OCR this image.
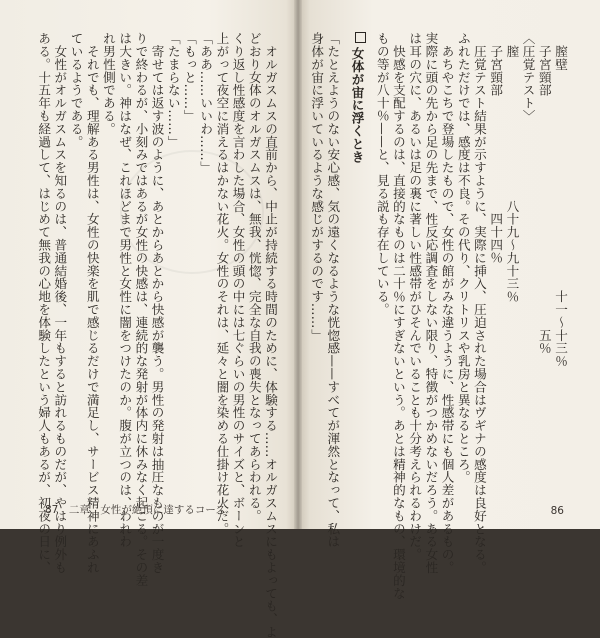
　オルガスムスの直前から、中止が持続する時間のために、体験する……オルガスムスにもよっても、よ
どおり女体のオルガスムスは、無我、恍惚、完全な自我の喪失となってあらわれる。
くり返し性感度を言わした場合、女性の頭の中には七ぐらいの男性のサイズと、ボーンと
上がって夜空に消えるはかない花火。女性のそれは、延々と闇を染める仕掛け花火だ。
「ああ……いいわ……」
「もっと……」
「たまらない……」
　寄せては返す波のように、あとからあとから快感が襲う。男性の発射は抽圧なものが一度き
りで終わるが、小刻みではあるが女性の快感は、連続的な発射が体内に休みなく起こる。その差
は大きい。神はなぜ、これほどまで男性と女性に闇をつけたのか。腹が立つのは、われわ
れ男性側である。
　それでも、理解ある男性は、女性の快楽を肌で感じるだけで満足し、サービス精神にあふれ
ているようである。
　女性がオルガスムスを知るのは、普通結婚後、一年もすると訪れるものだが、やはり例外も
ある。十五年も経過して、はじめて無我の心地を体験したという婦人もあるが、初夜の日に、
87　二章　女性が絶頂に達するコース
　膣壁　　　　　　　　　　　　　　　　　十一〜十三％
　子宮頸部　　　　　　　　　　　　　　　　　　五％
〈圧覚テスト〉
　膣　　　　　　　　　　　八十九〜九十三％
　子宮頸部　　　　　　　　　四十四％
　圧覚テスト結果が示すように、実際に挿入、圧迫された場合はヴギナの感度は良好となる。
ふれただけでは、感度は不良。その代り、クリトリスや乳房と異なるところ。
　あちやこちで登場したもので、女性の館がみな違うように、性感帯にも個人差があるもの。
実際に頭の先から足の先まで、性反応調査をしない限り、特徴がつかめないだろう。ある女性
は耳の穴に、あるいは足の裏に著しい性感帯がひそんでいることも十分考えられるわけだ。
　快感を支配するのは、直接的なものは二十％にすぎないという。あとは精神的なもの、環境的な
もの等が八十％——と、見る説も存在している。
女体が宙に浮くとき
「たとえようのない安心感、気の遠くなるような恍惚感——すべてが渾然となって、私は
身体が宙に浮いているような感じがするのです……」
86
